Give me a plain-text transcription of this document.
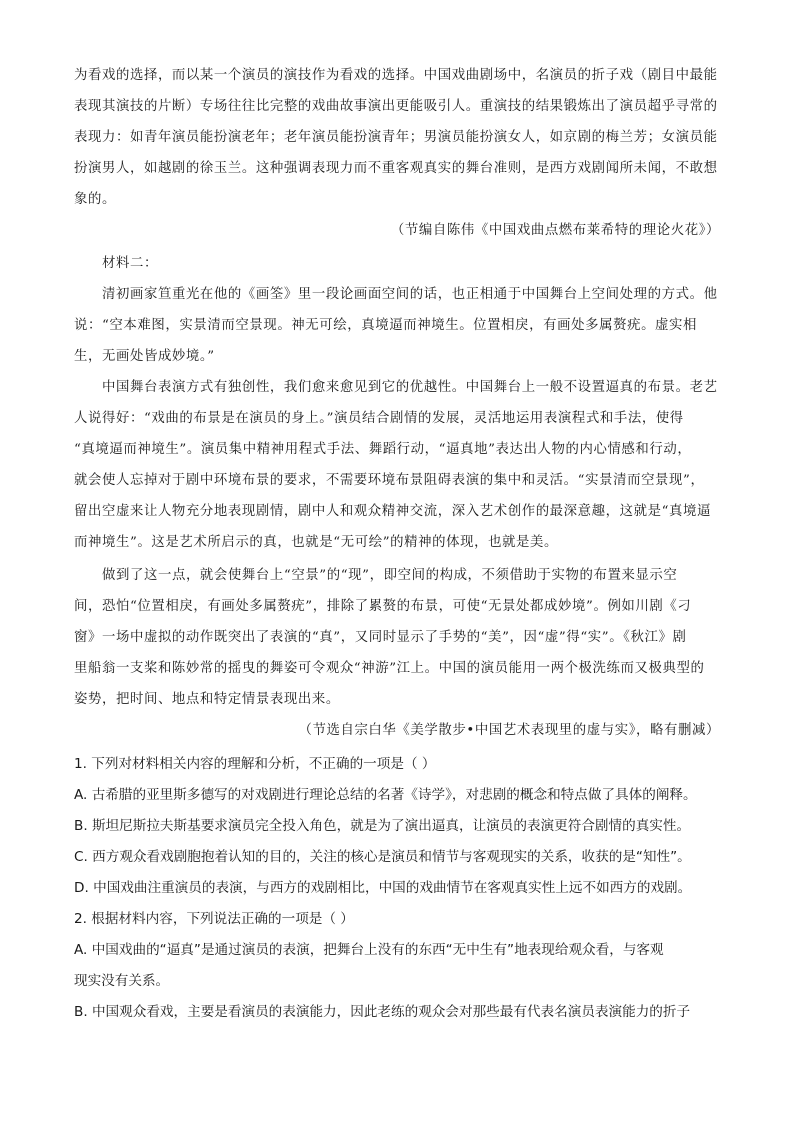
为看戏的选择，而以某一个演员的演技作为看戏的选择。中国戏曲剧场中，名演员的折子戏（剧目中最能
表现其演技的片断）专场往往比完整的戏曲故事演出更能吸引人。重演技的结果锻炼出了演员超乎寻常的
表现力：如青年演员能扮演老年；老年演员能扮演青年；男演员能扮演女人，如京剧的梅兰芳；女演员能
扮演男人，如越剧的徐玉兰。这种强调表现力而不重客观真实的舞台准则，是西方戏剧闻所未闻，不敢想
象的。
（节编自陈伟《中国戏曲点燃布莱希特的理论火花》）
材料二：
清初画家笪重光在他的《画筌》里一段论画面空间的话，也正相通于中国舞台上空间处理的方式。他
说：“空本难图，实景清而空景现。神无可绘，真境逼而神境生。位置相戾，有画处多属赘疣。虚实相
生，无画处皆成妙境。”
中国舞台表演方式有独创性，我们愈来愈见到它的优越性。中国舞台上一般不设置逼真的布景。老艺
人说得好：“戏曲的布景是在演员的身上。”演员结合剧情的发展，灵活地运用表演程式和手法，使得
“真境逼而神境生”。演员集中精神用程式手法、舞蹈行动，“逼真地”表达出人物的内心情感和行动，
就会使人忘掉对于剧中环境布景的要求，不需要环境布景阻碍表演的集中和灵活。“实景清而空景现”，
留出空虚来让人物充分地表现剧情，剧中人和观众精神交流，深入艺术创作的最深意趣，这就是“真境逼
而神境生”。这是艺术所启示的真，也就是“无可绘”的精神的体现，也就是美。
做到了这一点，就会使舞台上“空景”的“现”，即空间的构成，不须借助于实物的布置来显示空
间，恐怕“位置相戾，有画处多属赘疣”，排除了累赘的布景，可使“无景处都成妙境”。例如川剧《刁
窗》一场中虚拟的动作既突出了表演的“真”，又同时显示了手势的“美”，因“虚”得“实”。《秋江》剧
里船翁一支桨和陈妙常的摇曳的舞姿可令观众“神游”江上。中国的演员能用一两个极洗练而又极典型的
姿势，把时间、地点和特定情景表现出来。
（节选自宗白华《美学散步•中国艺术表现里的虚与实》，略有删减）
1. 下列对材料相关内容的理解和分析，不正确的一项是（ ）
A. 古希腊的亚里斯多德写的对戏剧进行理论总结的名著《诗学》，对悲剧的概念和特点做了具体的阐释。
B. 斯坦尼斯拉夫斯基要求演员完全投入角色，就是为了演出逼真，让演员的表演更符合剧情的真实性。
C. 西方观众看戏剧胞抱着认知的目的，关注的核心是演员和情节与客观现实的关系，收获的是“知性”。
D. 中国戏曲注重演员的表演，与西方的戏剧相比，中国的戏曲情节在客观真实性上远不如西方的戏剧。
2. 根据材料内容，下列说法正确的一项是（ ）
A. 中国戏曲的“逼真”是通过演员的表演，把舞台上没有的东西“无中生有”地表现给观众看，与客观
现实没有关系。
B. 中国观众看戏，主要是看演员的表演能力，因此老练的观众会对那些最有代表名演员表演能力的折子
